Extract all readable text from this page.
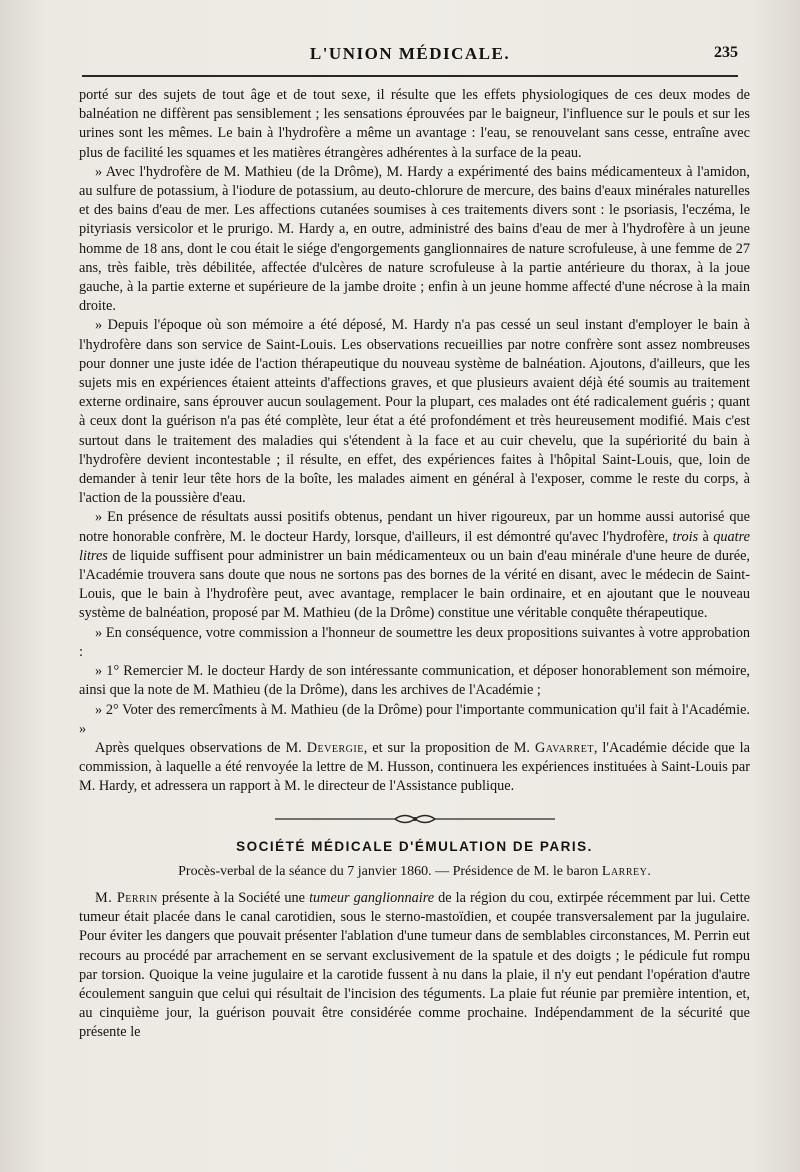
L'UNION MÉDICALE.	235

porté sur des sujets de tout âge et de tout sexe, il résulte que les effets physiologiques de ces deux modes de balnéation ne diffèrent pas sensiblement ; les sensations éprouvées par le baigneur, l'influence sur le pouls et sur les urines sont les mêmes. Le bain à l'hydrofère a même un avantage : l'eau, se renouvelant sans cesse, entraîne avec plus de facilité les squames et les matières étrangères adhérentes à la surface de la peau.

» Avec l'hydrofère de M. Mathieu (de la Drôme), M. Hardy a expérimenté des bains médicamenteux à l'amidon, au sulfure de potassium, à l'iodure de potassium, au deuto-chlorure de mercure, des bains d'eaux minérales naturelles et des bains d'eau de mer. Les affections cutanées soumises à ces traitements divers sont : le psoriasis, l'eczéma, le pityriasis versicolor et le prurigo. M. Hardy a, en outre, administré des bains d'eau de mer à l'hydrofère à un jeune homme de 18 ans, dont le cou était le siége d'engorgements ganglionnaires de nature scrofuleuse, à une femme de 27 ans, très faible, très débilitée, affectée d'ulcères de nature scrofuleuse à la partie antérieure du thorax, à la joue gauche, à la partie externe et supérieure de la jambe droite ; enfin à un jeune homme affecté d'une nécrose à la main droite.

» Depuis l'époque où son mémoire a été déposé, M. Hardy n'a pas cessé un seul instant d'employer le bain à l'hydrofère dans son service de Saint-Louis. Les observations recueillies par notre confrère sont assez nombreuses pour donner une juste idée de l'action thérapeutique du nouveau système de balnéation. Ajoutons, d'ailleurs, que les sujets mis en expériences étaient atteints d'affections graves, et que plusieurs avaient déjà été soumis au traitement externe ordinaire, sans éprouver aucun soulagement. Pour la plupart, ces malades ont été radicalement guéris ; quant à ceux dont la guérison n'a pas été complète, leur état a été profondément et très heureusement modifié. Mais c'est surtout dans le traitement des maladies qui s'étendent à la face et au cuir chevelu, que la supériorité du bain à l'hydrofère devient incontestable ; il résulte, en effet, des expériences faites à l'hôpital Saint-Louis, que, loin de demander à tenir leur tête hors de la boîte, les malades aiment en général à l'exposer, comme le reste du corps, à l'action de la poussière d'eau.

» En présence de résultats aussi positifs obtenus, pendant un hiver rigoureux, par un homme aussi autorisé que notre honorable confrère, M. le docteur Hardy, lorsque, d'ailleurs, il est démontré qu'avec l'hydrofère, trois à quatre litres de liquide suffisent pour administrer un bain médicamenteux ou un bain d'eau minérale d'une heure de durée, l'Académie trouvera sans doute que nous ne sortons pas des bornes de la vérité en disant, avec le médecin de Saint-Louis, que le bain à l'hydrofère peut, avec avantage, remplacer le bain ordinaire, et en ajoutant que le nouveau système de balnéation, proposé par M. Mathieu (de la Drôme) constitue une véritable conquête thérapeutique.

» En conséquence, votre commission a l'honneur de soumettre les deux propositions suivantes à votre approbation :

» 1° Remercier M. le docteur Hardy de son intéressante communication, et déposer honorablement son mémoire, ainsi que la note de M. Mathieu (de la Drôme), dans les archives de l'Académie ;

» 2° Voter des remercîments à M. Mathieu (de la Drôme) pour l'importante communication qu'il fait à l'Académie. »

Après quelques observations de M. Devergie, et sur la proposition de M. Gavarret, l'Académie décide que la commission, à laquelle a été renvoyée la lettre de M. Husson, continuera les expériences instituées à Saint-Louis par M. Hardy, et adressera un rapport à M. le directeur de l'Assistance publique.

SOCIÉTÉ MÉDICALE D'ÉMULATION DE PARIS.
Procès-verbal de la séance du 7 janvier 1860. — Présidence de M. le baron Larrey.

M. Perrin présente à la Société une tumeur ganglionnaire de la région du cou, extirpée récemment par lui. Cette tumeur était placée dans le canal carotidien, sous le sterno-mastoïdien, et coupée transversalement par la jugulaire. Pour éviter les dangers que pouvait présenter l'ablation d'une tumeur dans de semblables circonstances, M. Perrin eut recours au procédé par arrachement en se servant exclusivement de la spatule et des doigts ; le pédicule fut rompu par torsion. Quoique la veine jugulaire et la carotide fussent à nu dans la plaie, il n'y eut pendant l'opération d'autre écoulement sanguin que celui qui résultait de l'incision des téguments. La plaie fut réunie par première intention, et, au cinquième jour, la guérison pouvait être considérée comme prochaine. Indépendamment de la sécurité que présente le
